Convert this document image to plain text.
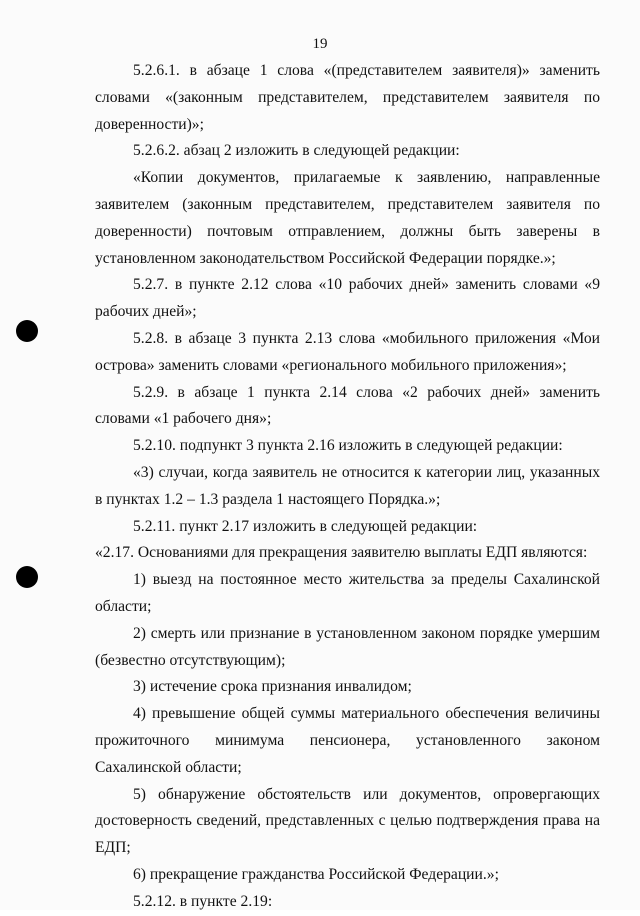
19

5.2.6.1. в абзаце 1 слова «(представителем заявителя)» заменить словами «(законным представителем, представителем заявителя по доверенности)»;

5.2.6.2. абзац 2 изложить в следующей редакции:

«Копии документов, прилагаемые к заявлению, направленные заявителем (законным представителем, представителем заявителя по доверенности) почтовым отправлением, должны быть заверены в установленном законодательством Российской Федерации порядке.»;

5.2.7. в пункте 2.12 слова «10 рабочих дней» заменить словами «9 рабочих дней»;

5.2.8. в абзаце 3 пункта 2.13 слова «мобильного приложения «Мои острова» заменить словами «регионального мобильного приложения»;

5.2.9. в абзаце 1 пункта 2.14 слова «2 рабочих дней» заменить словами «1 рабочего дня»;

5.2.10. подпункт 3 пункта 2.16 изложить в следующей редакции:

«3) случаи, когда заявитель не относится к категории лиц, указанных в пунктах 1.2 – 1.3 раздела 1 настоящего Порядка.»;

5.2.11. пункт 2.17 изложить в следующей редакции:

«2.17. Основаниями для прекращения заявителю выплаты ЕДП являются:

1) выезд на постоянное место жительства за пределы Сахалинской области;

2) смерть или признание в установленном законом порядке умершим (безвестно отсутствующим);

3) истечение срока признания инвалидом;

4) превышение общей суммы материального обеспечения величины прожиточного минимума пенсионера, установленного законом Сахалинской области;

5) обнаружение обстоятельств или документов, опровергающих достоверность сведений, представленных с целью подтверждения права на ЕДП;

6) прекращение гражданства Российской Федерации.»;

5.2.12. в пункте 2.19:
